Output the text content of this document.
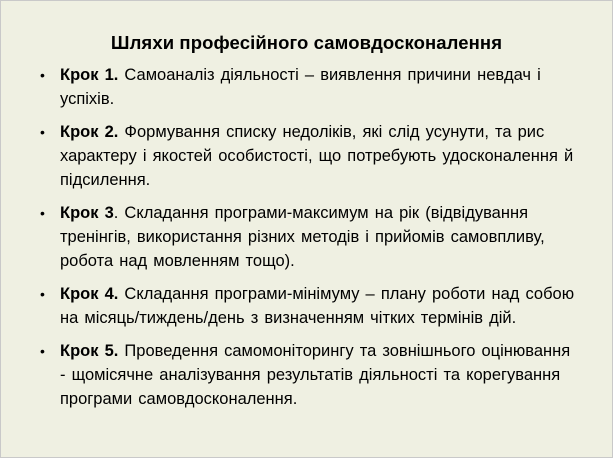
Шляхи професійного самовдосконалення
• Крок 1. Самоаналіз діяльності – виявлення причини невдач і успіхів.
• Крок 2. Формування списку недоліків, які слід усунути, та рис характеру і якостей особистості, що потребують удосконалення й підсилення.
• Крок 3. Складання програми-максимум на рік (відвідування тренінгів, використання різних методів і прийомів самовпливу, робота над мовленням тощо).
• Крок 4. Складання програми-мінімуму – плану роботи над собою на місяць/тиждень/день з визначенням чітких термінів дій.
• Крок 5. Проведення самомоніторингу та зовнішнього оцінювання - щомісячне аналізування результатів діяльності та корегування програми самовдосконалення.
